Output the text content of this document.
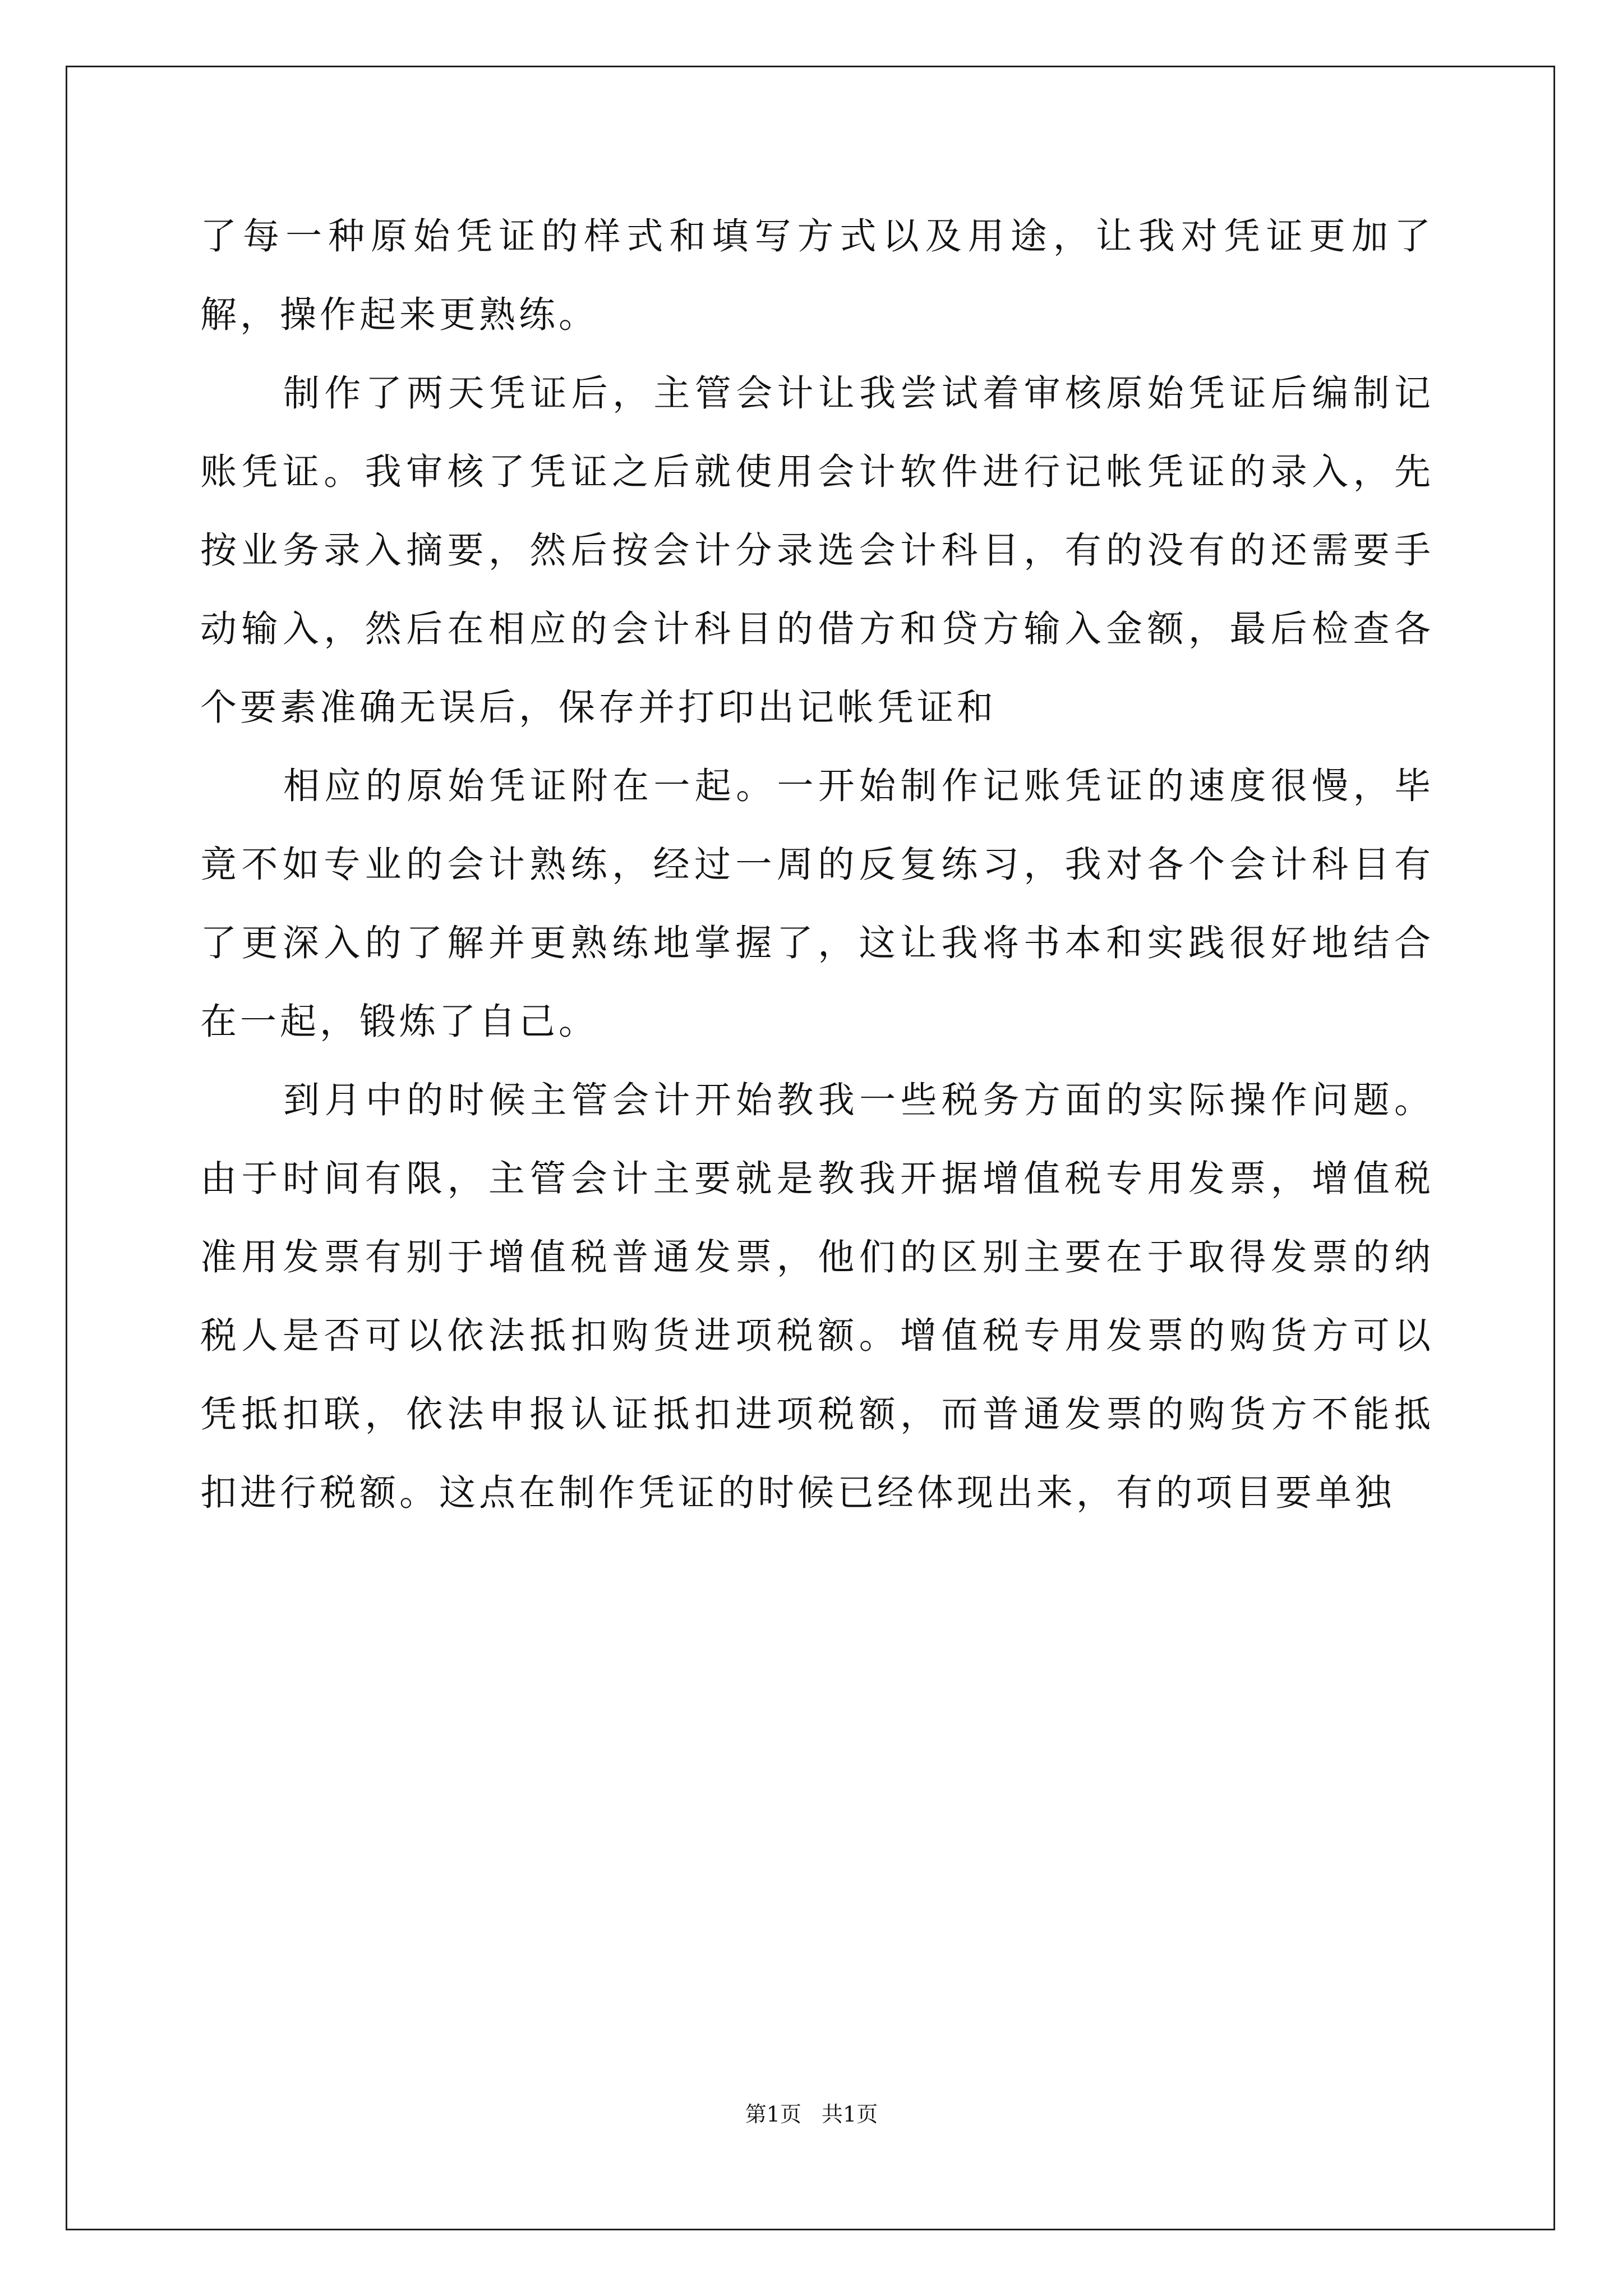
了每一种原始凭证的样式和填写方式以及用途，让我对凭证更加了解，操作起来更熟练。

制作了两天凭证后，主管会计让我尝试着审核原始凭证后编制记账凭证。我审核了凭证之后就使用会计软件进行记帐凭证的录入，先按业务录入摘要，然后按会计分录选会计科目，有的没有的还需要手动输入，然后在相应的会计科目的借方和贷方输入金额，最后检查各个要素准确无误后，保存并打印出记帐凭证和

相应的原始凭证附在一起。一开始制作记账凭证的速度很慢，毕竟不如专业的会计熟练，经过一周的反复练习，我对各个会计科目有了更深入的了解并更熟练地掌握了，这让我将书本和实践很好地结合在一起，锻炼了自己。

到月中的时候主管会计开始教我一些税务方面的实际操作问题。由于时间有限，主管会计主要就是教我开据增值税专用发票，增值税准用发票有别于增值税普通发票，他们的区别主要在于取得发票的纳税人是否可以依法抵扣购货进项税额。增值税专用发票的购货方可以凭抵扣联，依法申报认证抵扣进项税额，而普通发票的购货方不能抵扣进行税额。这点在制作凭证的时候已经体现出来，有的项目要单独

第1页 共1页
